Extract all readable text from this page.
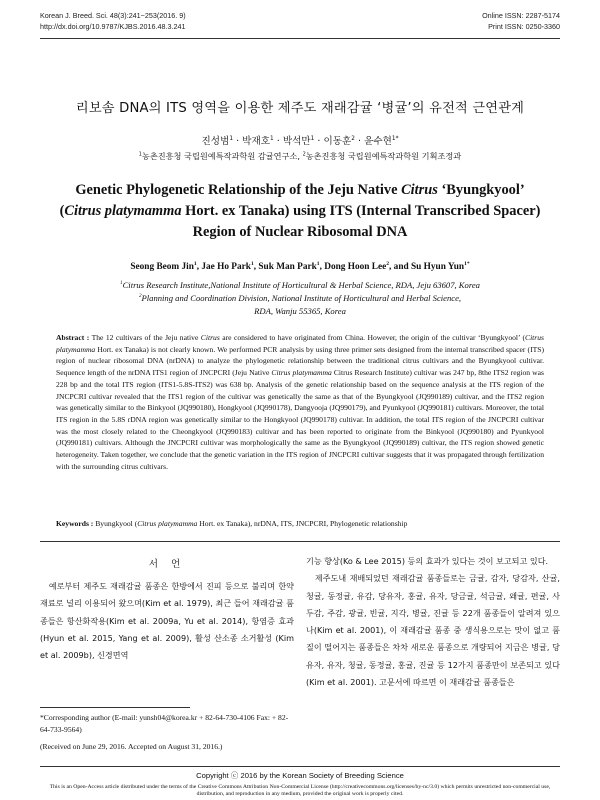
Korean J. Breed. Sci. 48(3):241~253(2016. 9)
http://dx.doi.org/10.9787/KJBS.2016.48.3.241
Online ISSN: 2287-5174
Print ISSN: 0250-3360
리보솜 DNA의 ITS 영역을 이용한 제주도 재래감귤 ‘병귤’의 유전적 근연관계
진성범$^1$ · 박재호$^1$ · 박석만$^1$ · 이동훈$^2$ · 윤수현$^{1*}$
$^1$농촌진흥청 국립원예특작과학원 감귤연구소, $^2$농촌진흥청 국립원예특작과학원 기획조정과
Genetic Phylogenetic Relationship of the Jeju Native Citrus ‘Byungkyool’
(Citrus platymamma Hort. ex Tanaka) using ITS (Internal Transcribed Spacer)
Region of Nuclear Ribosomal DNA
Seong Beom Jin$^1$, Jae Ho Park$^1$, Suk Man Park$^1$, Dong Hoon Lee$^2$, and Su Hyun Yun$^{1*}$
$^1$Citrus Research Institute,National Institute of Horticultural & Herbal Science, RDA, Jeju 63607, Korea
$^2$Planning and Coordination Division, National Institute of Horticultural and Herbal Science,
RDA, Wanju 55365, Korea
Abstract : The 12 cultivars of the Jeju native Citrus are considered to have originated from China. However, the origin of the cultivar ‘Byungkyool’ (Citrus platymamma Hort. ex Tanaka) is not clearly known. We performed PCR analysis by using three primer sets designed from the internal transcribed spacer (ITS) region of nuclear ribosomal DNA (nrDNA) to analyze the phylogenetic relationship between the traditional citrus cultivars and the Byungkyool cultivar. Sequence length of the nrDNA ITS1 region of JNCPCRI (Jeju Native Citrus platymamma Citrus Research Institute) cultivar was 247 bp, 8the ITS2 region was 228 bp and the total ITS region (ITS1-5.8S-ITS2) was 638 bp. Analysis of the genetic relationship based on the sequence analysis at the ITS region of the JNCPCRI cultivar revealed that the ITS1 region of the cultivar was genetically the same as that of the Byungkyool (JQ990189) cultivar, and the ITS2 region was genetically similar to the Binkyool (JQ990180), Hongkyool (JQ990178), Dangyooja (JQ990179), and Pyunkyool (JQ990181) cultivars. Moreover, the total ITS region in the 5.8S rDNA region was genetically similar to the Hongkyool (JQ990178) cultivar. In addition, the total ITS region of the JNCPCRI cultivar was the most closely related to the Cheongkyool (JQ990183) cultivar and has been reported to originate from the Binkyool (JQ990180) and Pyunkyool (JQ990181) cultivars. Although the JNCPCRI cultivar was morphologically the same as the Byungkyool (JQ990189) cultivar, the ITS region showed genetic heterogeneity. Taken together, we conclude that the genetic variation in the ITS region of JNCPCRI cultivar suggests that it was propagated through fertilization with the surrounding citrus cultivars.
Keywords : Byungkyool (Citrus platymamma Hort. ex Tanaka), nrDNA, ITS, JNCPCRI, Phylogenetic relationship
서 언

예로부터 제주도 재래감귤 품종은 한방에서 진피 등으로 불리며 한약재료로 널리 이용되어 왔으며(Kim et al. 1979), 최근 들어 재래감귤 품종들은 항산화작용(Kim et al. 2009a, Yu et al. 2014), 항염증 효과 (Hyun et al. 2015, Yang et al. 2009), 활성 산소종 소거활성 (Kim et al. 2009b), 신경면역

기능 향상(Ko & Lee 2015) 등의 효과가 있다는 것이 보고되고 있다.

제주도내 재배되었던 재래감귤 품종들로는 금귤, 감자, 당감자, 산귤, 청귤, 동정귤, 유감, 당유자, 홍귤, 유자, 당금귤, 석금귤, 왜귤, 편귤, 사두감, 주감, 광귤, 빈귤, 지각, 병귤, 진귤 등 22개 품종들이 알려져 있으나(Kim et al. 2001), 이 재래감귤 품종 중 생식용으로는 맛이 없고 품질이 떨어지는 품종들은 차차 새로운 품종으로 개량되어 지금은 병귤, 당유자, 유자, 청귤, 동정귤, 홍귤, 진귤 등 12가지 품종만이 보존되고 있다 (Kim et al. 2001). 고문서에 따르면 이 재래감귤 품종들은

*Corresponding author (E-mail: yunsh04@korea.kr + 82-64-730-4106 Fax: + 82-64-733-9564)

(Received on June 29, 2016. Accepted on August 31, 2016.)

Copyright ⓒ 2016 by the Korean Society of Breeding Science
This is an Open-Access article distributed under the terms of the Creative Commons Attribution Non-Commercial License (http://creativecommons.org/licenses/by-nc/3.0) which permits unrestricted non-commercial use, distribution, and reproduction in any medium, provided the original work is properly cited.
